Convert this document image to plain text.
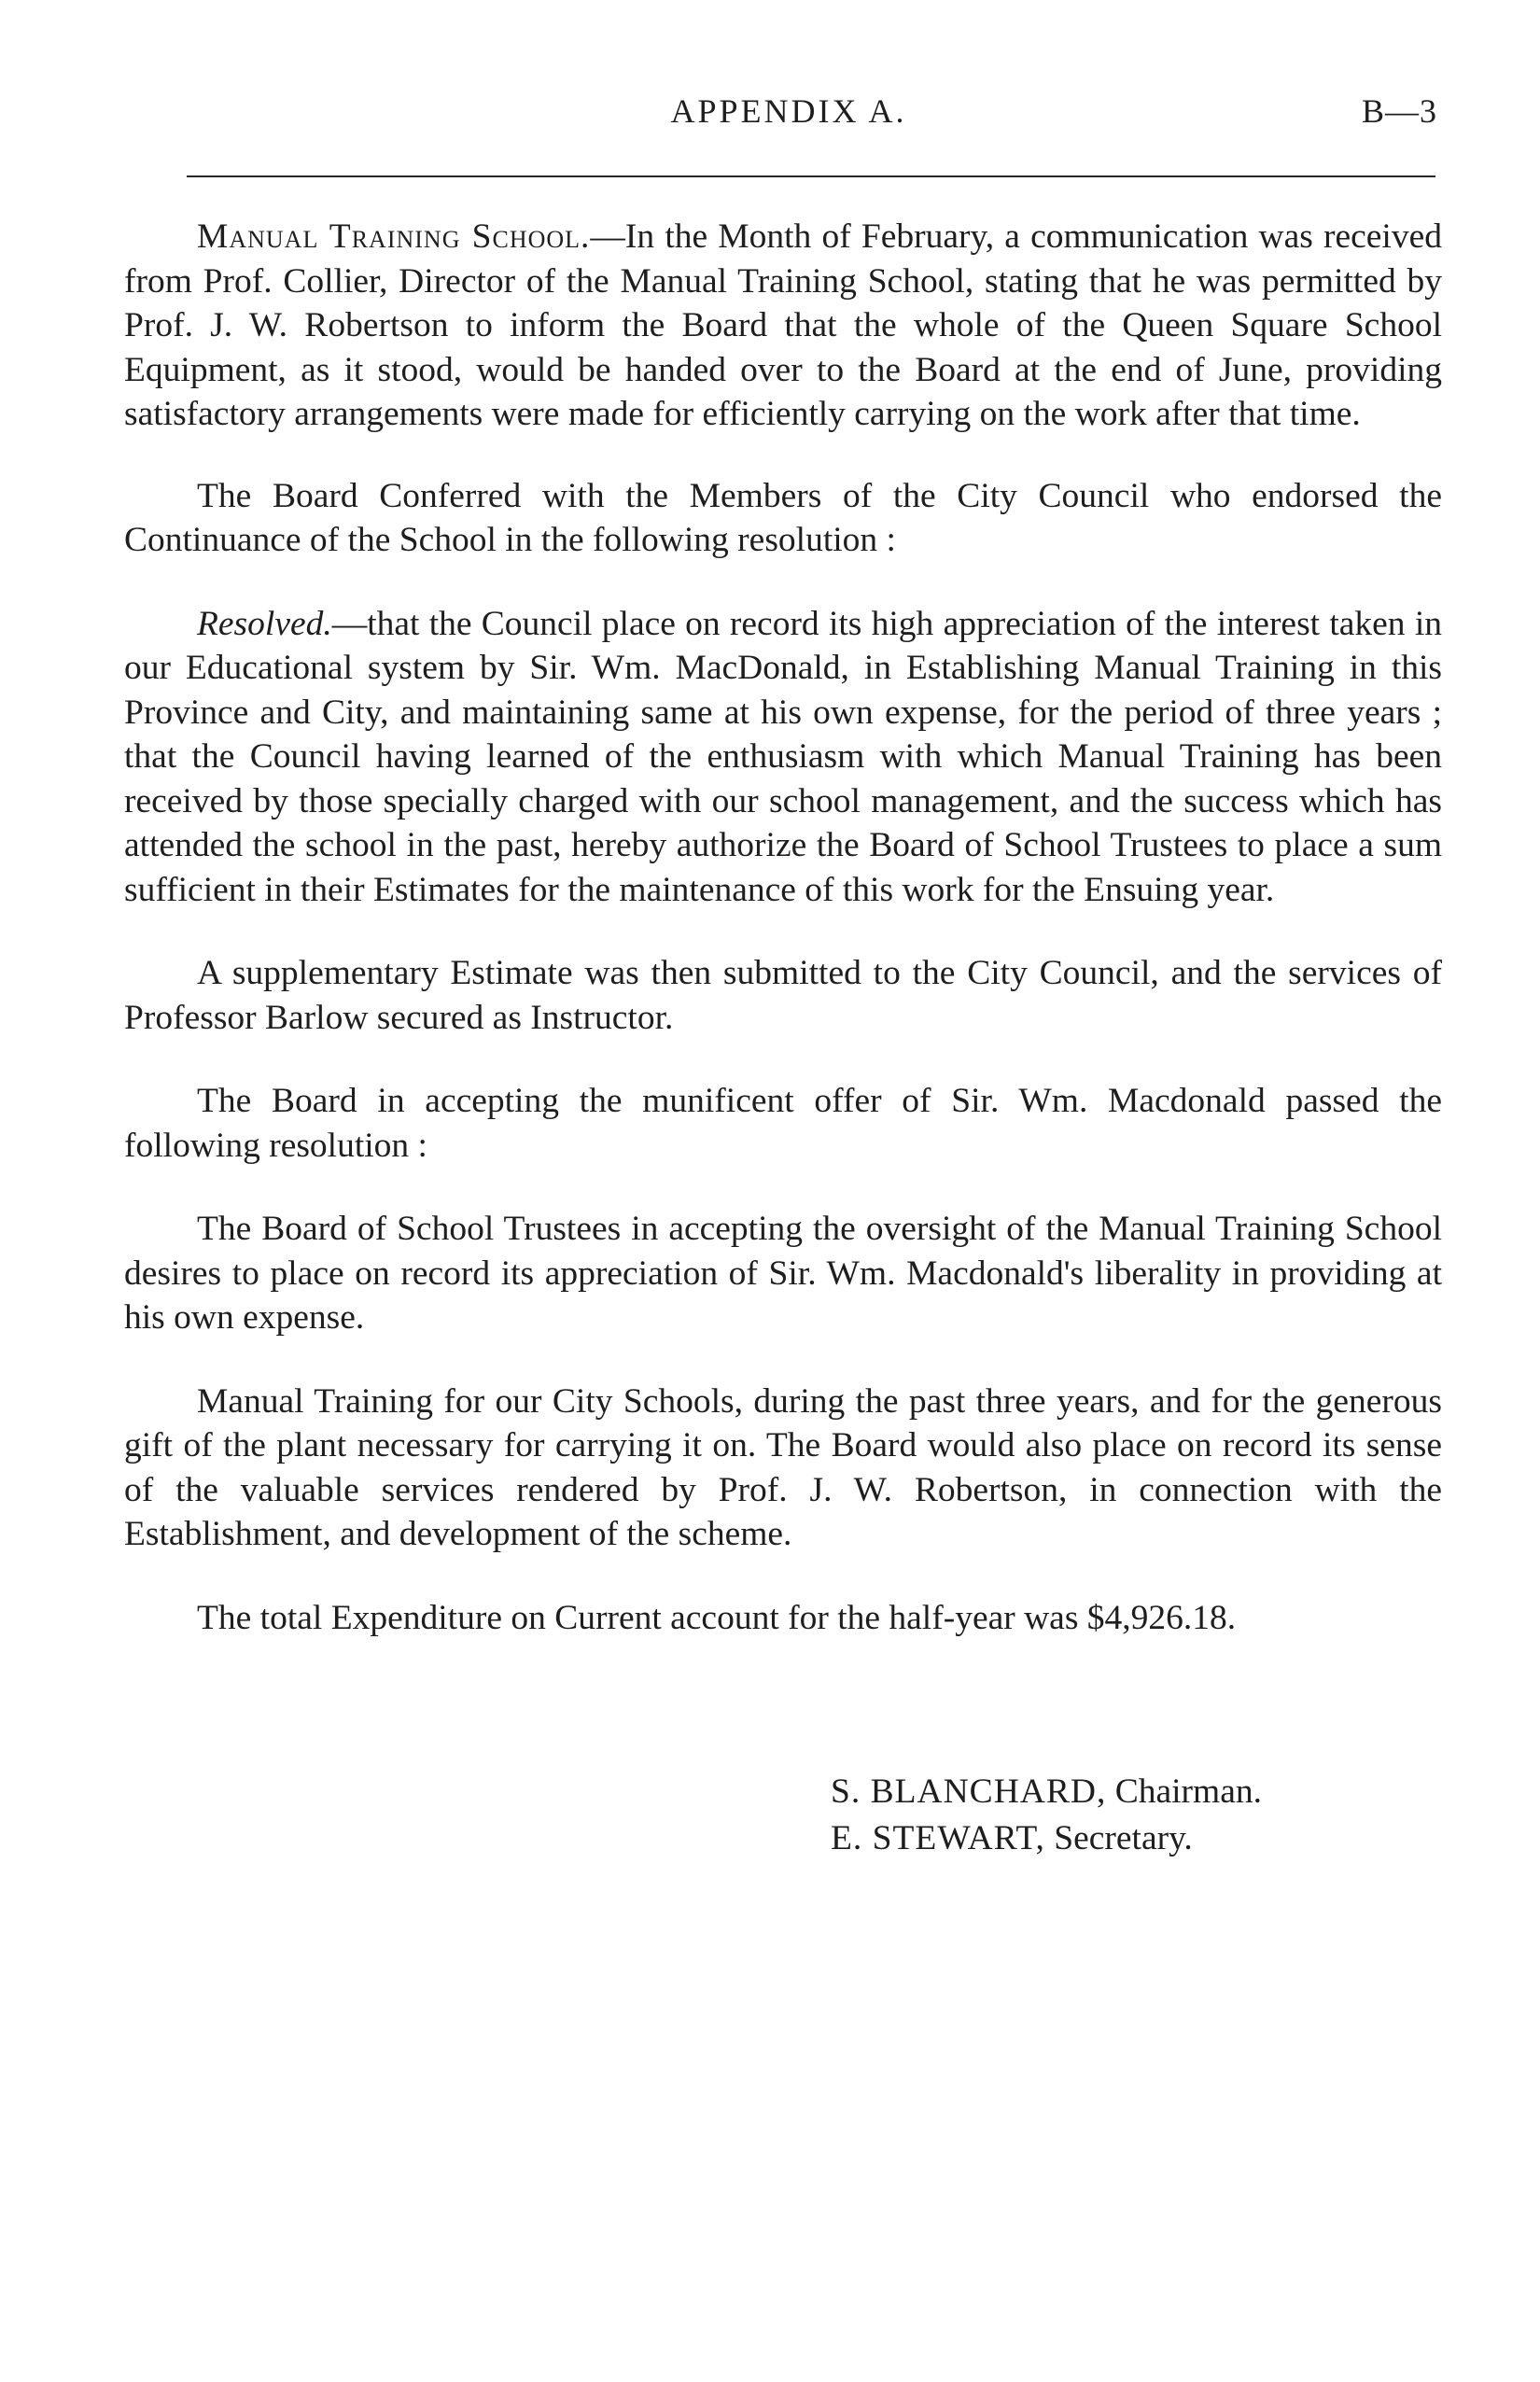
APPENDIX A.	B—3

Manual Training School.—In the Month of February, a communication was received from Prof. Collier, Director of the Manual Training School, stating that he was permitted by Prof. J. W. Robertson to inform the Board that the whole of the Queen Square School Equipment, as it stood, would be handed over to the Board at the end of June, providing satisfactory arrangements were made for efficiently carrying on the work after that time.

The Board Conferred with the Members of the City Council who endorsed the Continuance of the School in the following resolution :

Resolved.—that the Council place on record its high appreciation of the interest taken in our Educational system by Sir. Wm. MacDonald, in Establishing Manual Training in this Province and City, and maintaining same at his own expense, for the period of three years ; that the Council having learned of the enthusiasm with which Manual Training has been received by those specially charged with our school management, and the success which has attended the school in the past, hereby authorize the Board of School Trustees to place a sum sufficient in their Estimates for the maintenance of this work for the Ensuing year.

A supplementary Estimate was then submitted to the City Council, and the services of Professor Barlow secured as Instructor.

The Board in accepting the munificent offer of Sir. Wm. Macdonald passed the following resolution :

The Board of School Trustees in accepting the oversight of the Manual Training School desires to place on record its appreciation of Sir. Wm. Macdonald's liberality in providing at his own expense.

Manual Training for our City Schools, during the past three years, and for the generous gift of the plant necessary for carrying it on. The Board would also place on record its sense of the valuable services rendered by Prof. J. W. Robertson, in connection with the Establishment, and development of the scheme.

The total Expenditure on Current account for the half-year was $4,926.18.

S. BLANCHARD, Chairman.
E. STEWART, Secretary.
